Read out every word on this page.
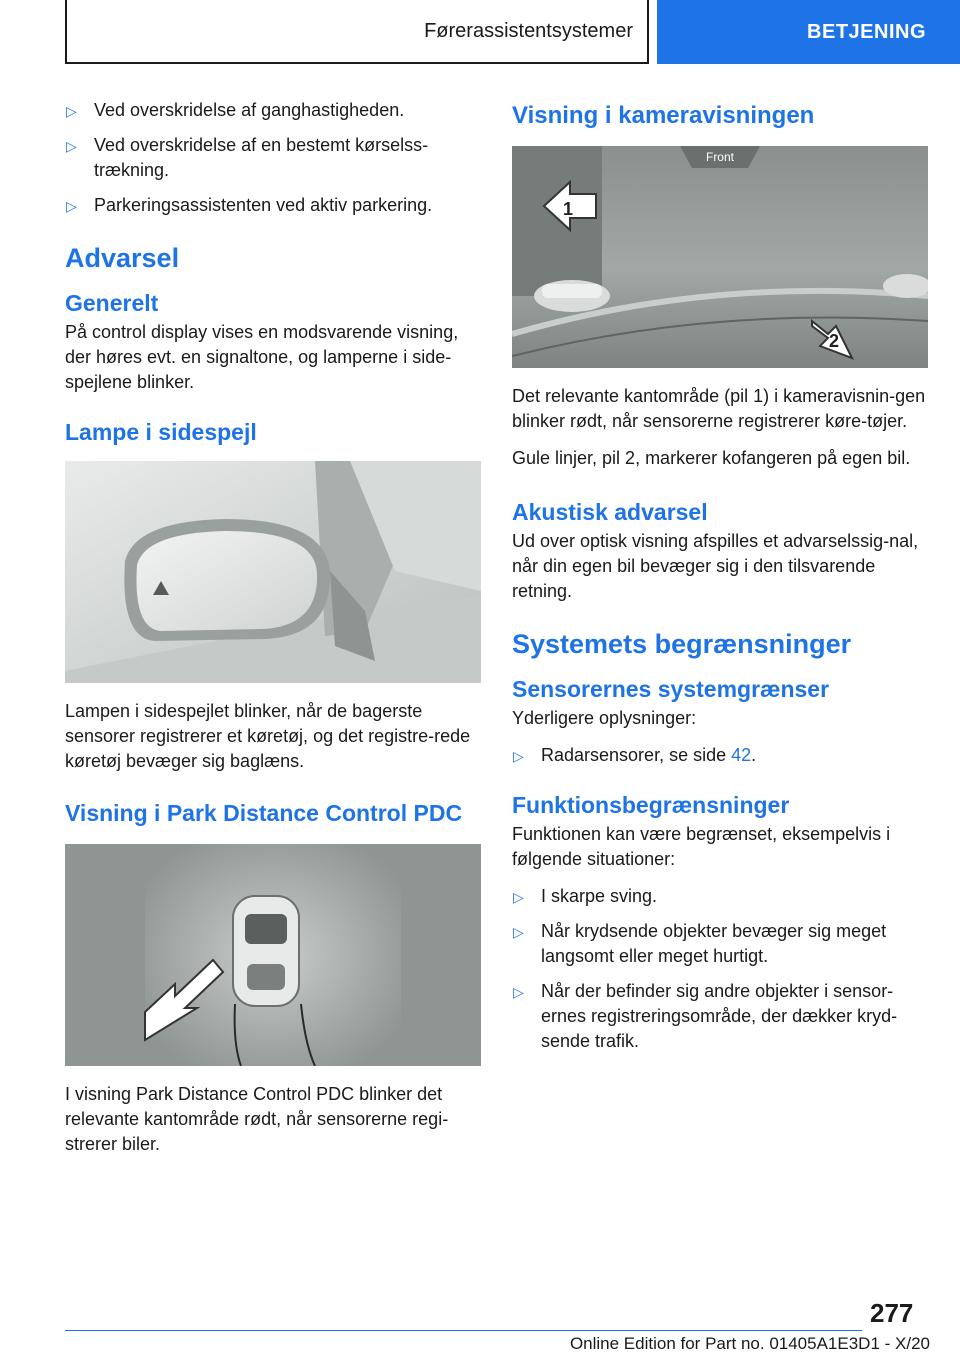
Førerassistentsystemer	BETJENING
▷ Ved overskridelse af ganghastigheden.
▷ Ved overskridelse af en bestemt kørselss-trækning.
▷ Parkeringsassistenten ved aktiv parkering.
Advarsel
Generelt

På control display vises en modsvarende visning, der høres evt. en signaltone, og lamperne i side-spejlene blinker.

Lampe i sidespejl

Lampen i sidespejlet blinker, når de bagerste sensorer registrerer et køretøj, og det registre-rede køretøj bevæger sig baglæns.

Visning i Park Distance Control PDC

I visning Park Distance Control PDC blinker det relevante kantområde rødt, når sensorerne regi-strerer biler.

Visning i kameravisningen
Front
1
2

Det relevante kantområde (pil 1) i kameravisnin-gen blinker rødt, når sensorerne registrerer køre-tøjer.

Gule linjer, pil 2, markerer kofangeren på egen bil.

Akustisk advarsel

Ud over optisk visning afspilles et advarselssig-nal, når din egen bil bevæger sig i den tilsvarende retning.

Systemets begrænsninger
Sensorernes systemgrænser

Yderligere oplysninger:

▷ Radarsensorer, se side 42.
Funktionsbegrænsninger

Funktionen kan være begrænset, eksempelvis i følgende situationer:

▷ I skarpe sving.
▷ Når krydsende objekter bevæger sig meget langsomt eller meget hurtigt.
▷ Når der befinder sig andre objekter i sensor-ernes registreringsområde, der dækker kryd-sende trafik.
277
Online Edition for Part no. 01405A1E3D1 - X/20
